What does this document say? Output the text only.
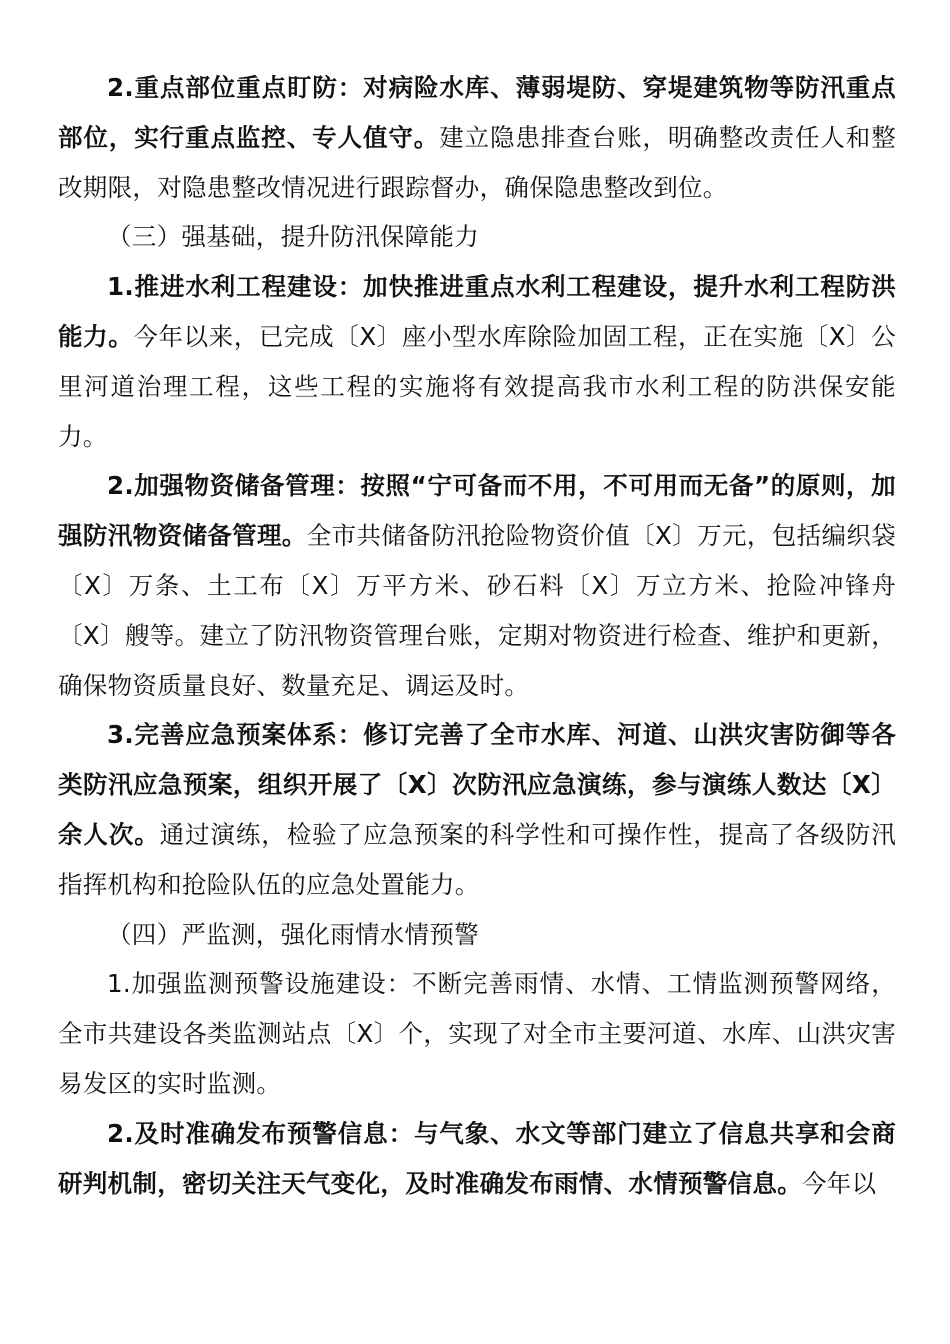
2.重点部位重点盯防：对病险水库、薄弱堤防、穿堤建筑物等防汛重点部位，实行重点监控、专人值守。建立隐患排查台账，明确整改责任人和整改期限，对隐患整改情况进行跟踪督办，确保隐患整改到位。

（三）强基础，提升防汛保障能力

1.推进水利工程建设：加快推进重点水利工程建设，提升水利工程防洪能力。今年以来，已完成〔X〕座小型水库除险加固工程，正在实施〔X〕公里河道治理工程，这些工程的实施将有效提高我市水利工程的防洪保安能力。

2.加强物资储备管理：按照“宁可备而不用，不可用而无备”的原则，加强防汛物资储备管理。全市共储备防汛抢险物资价值〔X〕万元，包括编织袋〔X〕万条、土工布〔X〕万平方米、砂石料〔X〕万立方米、抢险冲锋舟〔X〕艘等。建立了防汛物资管理台账，定期对物资进行检查、维护和更新，确保物资质量良好、数量充足、调运及时。

3.完善应急预案体系：修订完善了全市水库、河道、山洪灾害防御等各类防汛应急预案，组织开展了〔X〕次防汛应急演练，参与演练人数达〔X〕余人次。通过演练，检验了应急预案的科学性和可操作性，提高了各级防汛指挥机构和抢险队伍的应急处置能力。

（四）严监测，强化雨情水情预警

1.加强监测预警设施建设：不断完善雨情、水情、工情监测预警网络，全市共建设各类监测站点〔X〕个，实现了对全市主要河道、水库、山洪灾害易发区的实时监测。

2.及时准确发布预警信息：与气象、水文等部门建立了信息共享和会商研判机制，密切关注天气变化，及时准确发布雨情、水情预警信息。今年以
